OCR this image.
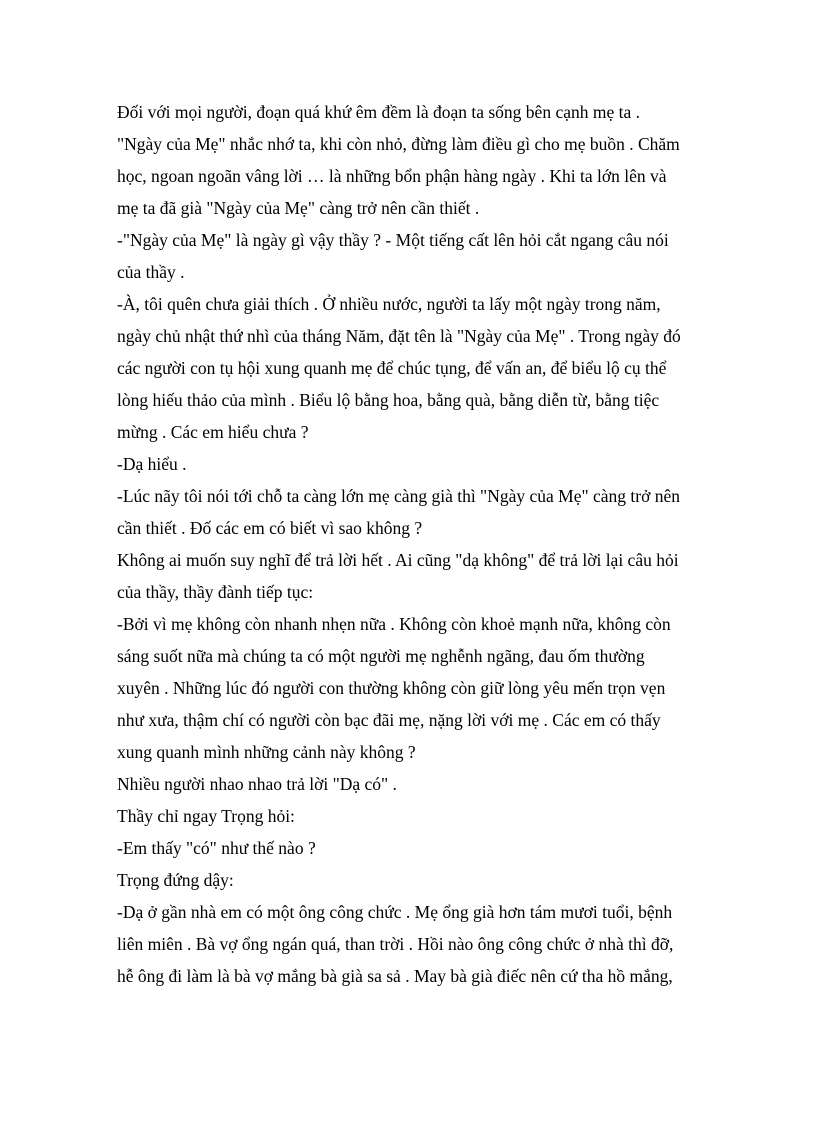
Đối với mọi người, đoạn quá khứ êm đềm là đoạn ta sống bên cạnh mẹ ta .
"Ngày của Mẹ" nhắc nhớ ta, khi còn nhỏ, đừng làm điều gì cho mẹ buồn . Chăm
học, ngoan ngoãn vâng lời … là những bổn phận hàng ngày . Khi ta lớn lên và
mẹ ta đã già "Ngày của Mẹ" càng trở nên cần thiết .
-"Ngày của Mẹ" là ngày gì vậy thầy ? - Một tiếng cất lên hỏi cắt ngang câu nói
của thầy .
-À, tôi quên chưa giải thích . Ở nhiều nước, người ta lấy một ngày trong năm,
ngày chủ nhật thứ nhì của tháng Năm, đặt tên là "Ngày của Mẹ" . Trong ngày đó
các người con tụ hội xung quanh mẹ để chúc tụng, để vấn an, để biểu lộ cụ thể
lòng hiếu thảo của mình . Biểu lộ bằng hoa, bằng quà, bằng diễn từ, bằng tiệc
mừng . Các em hiểu chưa ?
-Dạ hiểu .
-Lúc nãy tôi nói tới chỗ ta càng lớn mẹ càng già thì "Ngày của Mẹ" càng trở nên
cần thiết . Đố các em có biết vì sao không ?
Không ai muốn suy nghĩ để trả lời hết . Ai cũng "dạ không" để trả lời lại câu hỏi
của thầy, thầy đành tiếp tục:
-Bởi vì mẹ không còn nhanh nhẹn nữa . Không còn khoẻ mạnh nữa, không còn
sáng suốt nữa mà chúng ta có một người mẹ nghễnh ngãng, đau ốm thường
xuyên . Những lúc đó người con thường không còn giữ lòng yêu mến trọn vẹn
như xưa, thậm chí có người còn bạc đãi mẹ, nặng lời với mẹ . Các em có thấy
xung quanh mình những cảnh này không ?
Nhiều người nhao nhao trả lời "Dạ có" .
Thầy chỉ ngay Trọng hỏi:
-Em thấy "có" như thế nào ?
Trọng đứng dậy:
-Dạ ở gần nhà em có một ông công chức . Mẹ ổng già hơn tám mươi tuổi, bệnh
liên miên . Bà vợ ổng ngán quá, than trời . Hồi nào ông công chức ở nhà thì đỡ,
hễ ông đi làm là bà vợ mắng bà già sa sả . May bà già điếc nên cứ tha hồ mắng,
